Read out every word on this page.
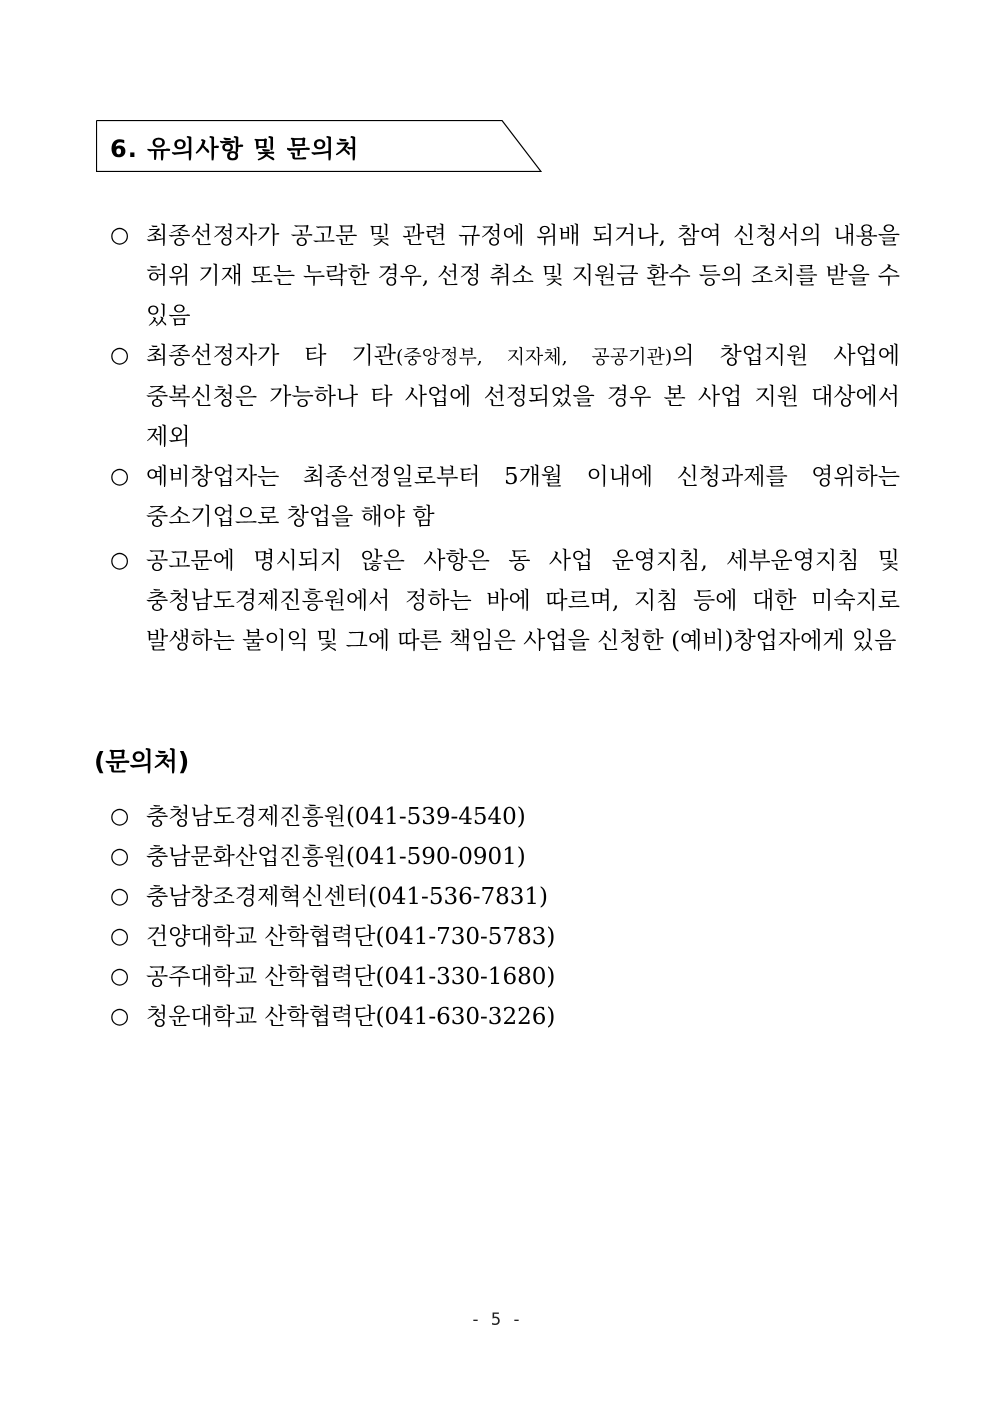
6. 유의사항 및 문의처
○ 최종선정자가 공고문 및 관련 규정에 위배 되거나, 참여 신청서의 내용을 허위 기재 또는 누락한 경우, 선정 취소 및 지원금 환수 등의 조치를 받을 수 있음
○ 최종선정자가 타 기관(중앙정부, 지자체, 공공기관)의 창업지원 사업에 중복신청은 가능하나 타 사업에 선정되었을 경우 본 사업 지원 대상에서 제외
○ 예비창업자는 최종선정일로부터 5개월 이내에 신청과제를 영위하는 중소기업으로 창업을 해야 함
○ 공고문에 명시되지 않은 사항은 동 사업 운영지침, 세부운영지침 및 충청남도경제진흥원에서 정하는 바에 따르며, 지침 등에 대한 미숙지로 발생하는 불이익 및 그에 따른 책임은 사업을 신청한 (예비)창업자에게 있음
(문의처)
○ 충청남도경제진흥원(041-539-4540)
○ 충남문화산업진흥원(041-590-0901)
○ 충남창조경제혁신센터(041-536-7831)
○ 건양대학교 산학협력단(041-730-5783)
○ 공주대학교 산학협력단(041-330-1680)
○ 청운대학교 산학협력단(041-630-3226)
- 5 -
